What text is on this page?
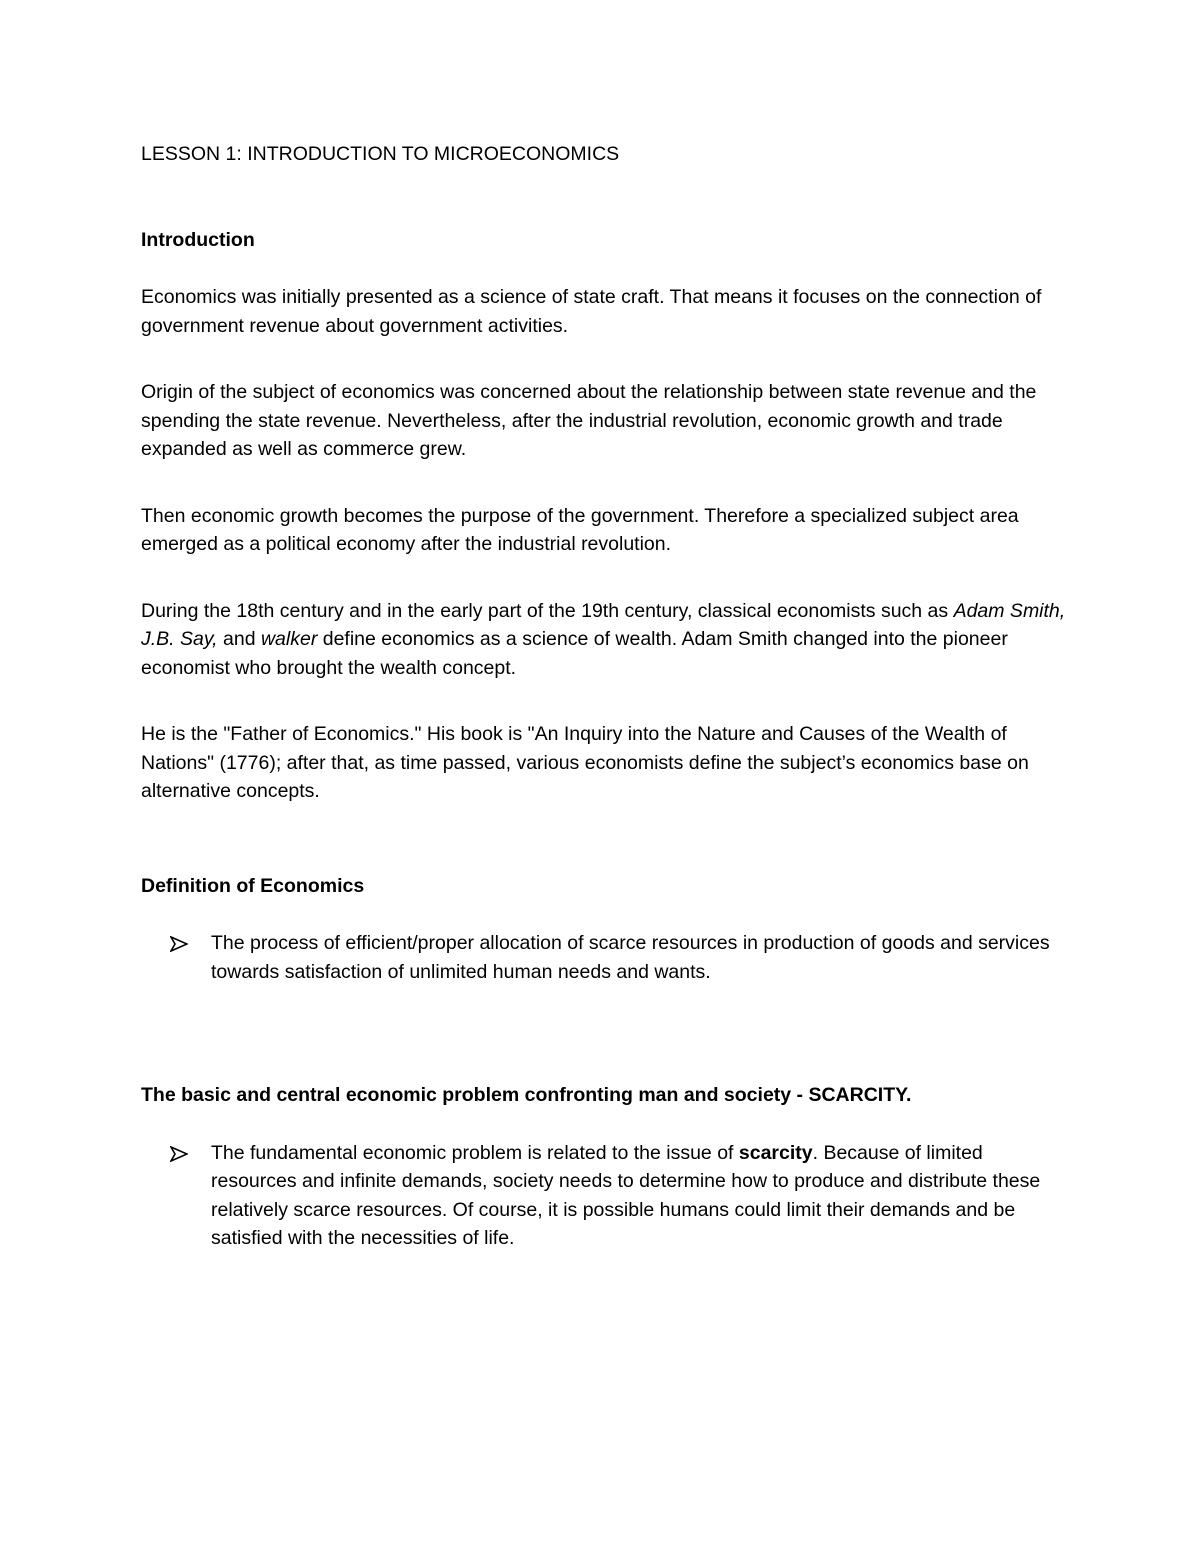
LESSON 1: INTRODUCTION TO MICROECONOMICS
Introduction

Economics was initially presented as a science of state craft. That means it focuses on the connection of government revenue about government activities.

Origin of the subject of economics was concerned about the relationship between state revenue and the spending the state revenue. Nevertheless, after the industrial revolution, economic growth and trade expanded as well as commerce grew.

Then economic growth becomes the purpose of the government. Therefore a specialized subject area emerged as a political economy after the industrial revolution.

During the 18th century and in the early part of the 19th century, classical economists such as Adam Smith, J.B. Say, and walker define economics as a science of wealth. Adam Smith changed into the pioneer economist who brought the wealth concept.

He is the "Father of Economics." His book is "An Inquiry into the Nature and Causes of the Wealth of Nations" (1776); after that, as time passed, various economists define the subject’s economics base on alternative concepts.

Definition of Economics
The process of efficient/proper allocation of scarce resources in production of goods and services towards satisfaction of unlimited human needs and wants.
The basic and central economic problem confronting man and society - SCARCITY.
The fundamental economic problem is related to the issue of scarcity. Because of limited resources and infinite demands, society needs to determine how to produce and distribute these relatively scarce resources. Of course, it is possible humans could limit their demands and be satisfied with the necessities of life.
